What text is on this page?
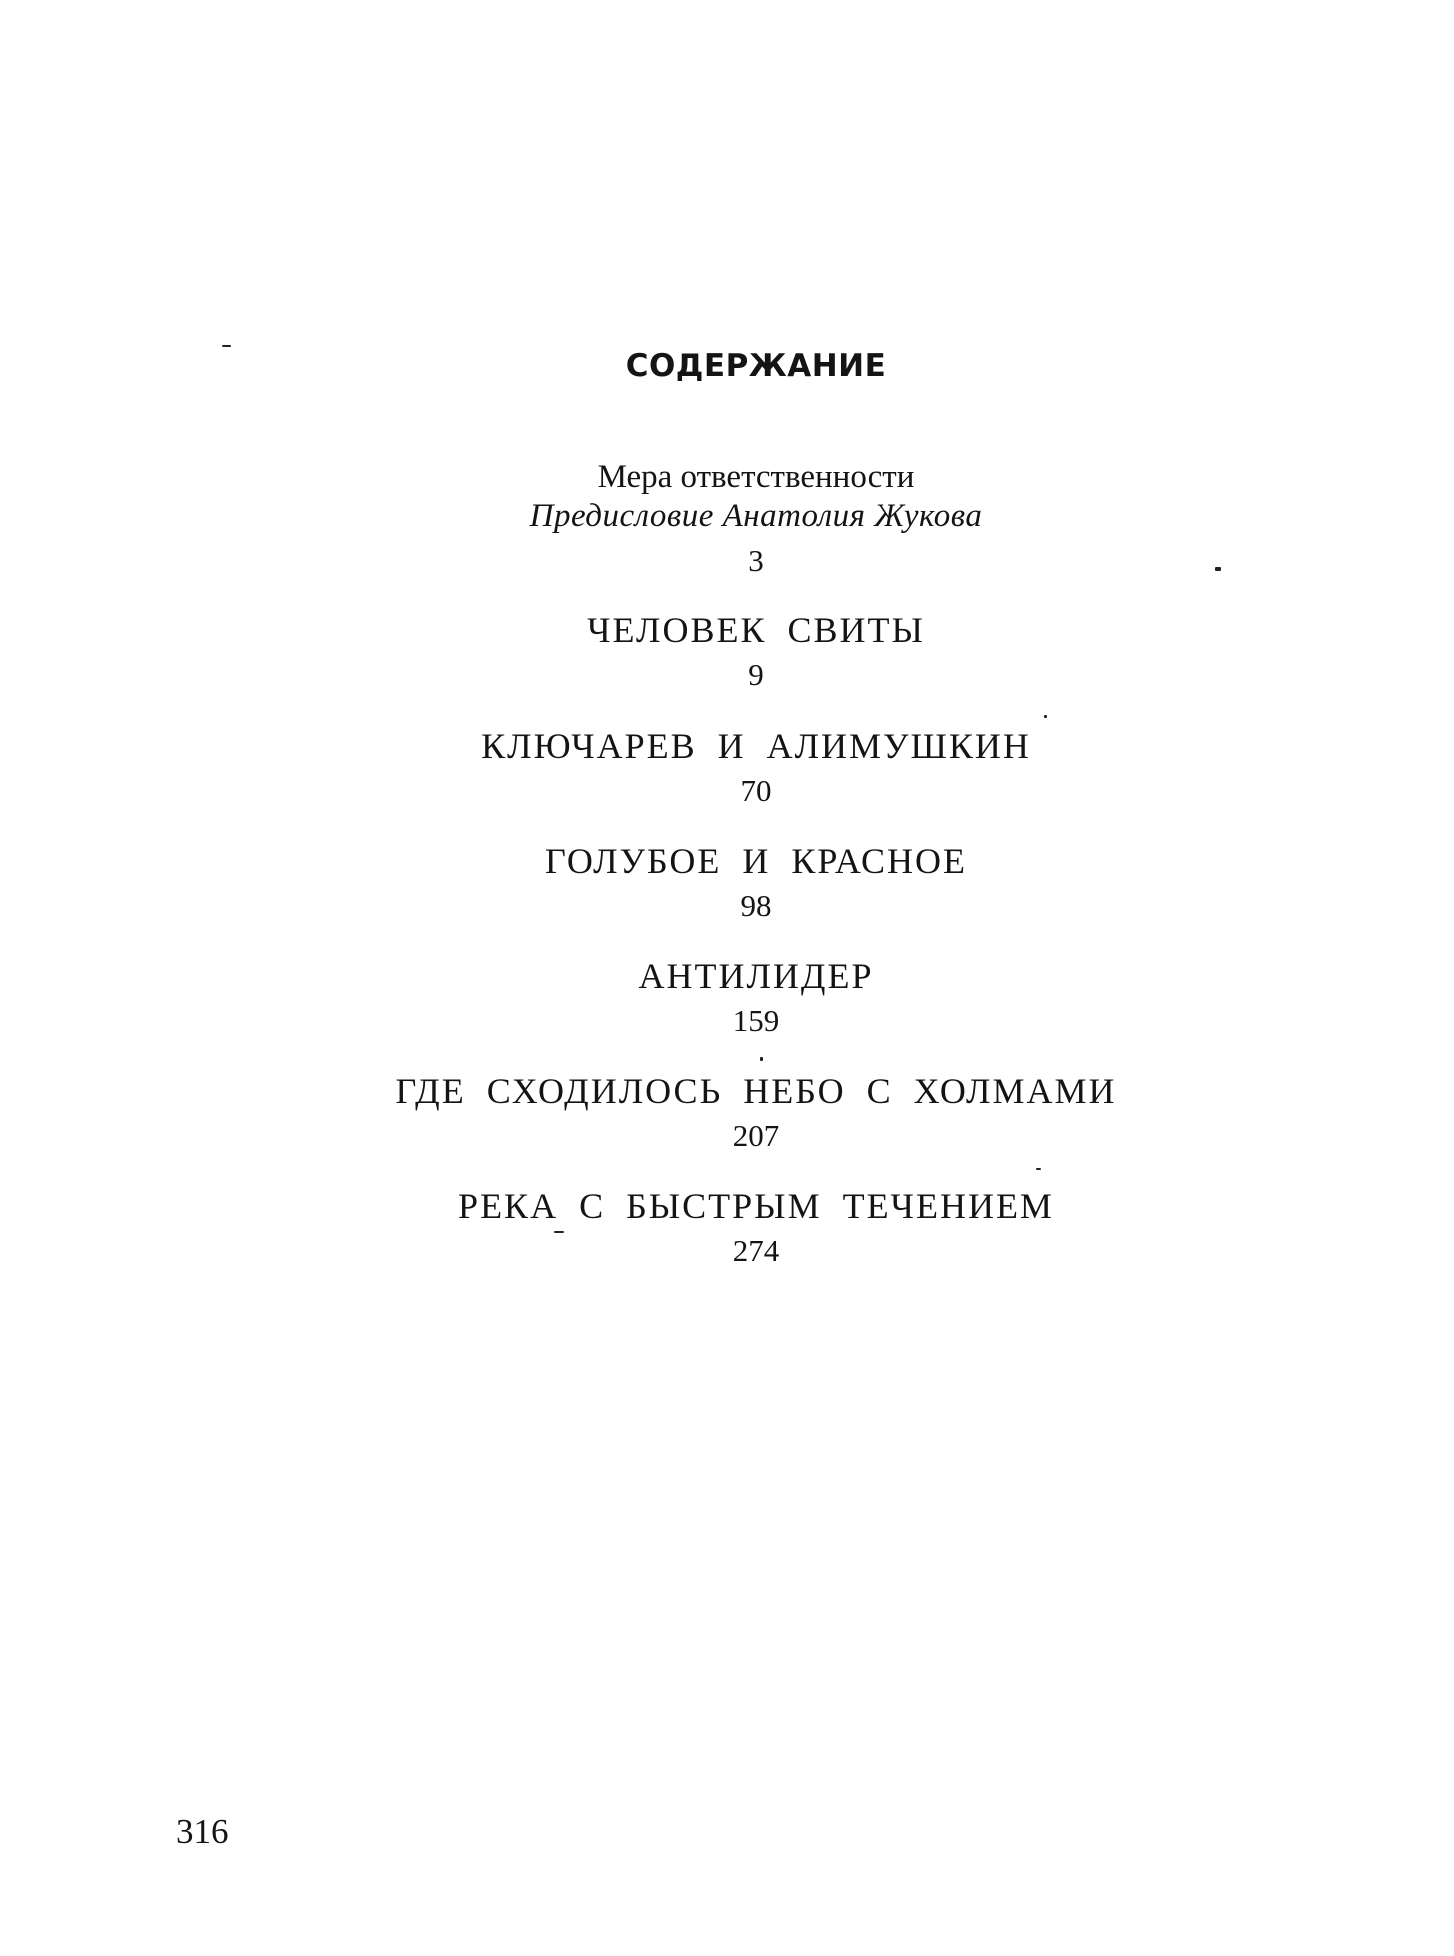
СОДЕРЖАНИЕ
Мера ответственности
Предисловие Анатолия Жукова
3
ЧЕЛОВЕК СВИТЫ
9
КЛЮЧАРЕВ И АЛИМУШКИН
70
ГОЛУБОЕ И КРАСНОЕ
98
АНТИЛИДЕР
159
ГДЕ СХОДИЛОСЬ НЕБО С ХОЛМАМИ
207
РЕКА С БЫСТРЫМ ТЕЧЕНИЕМ
274
316
